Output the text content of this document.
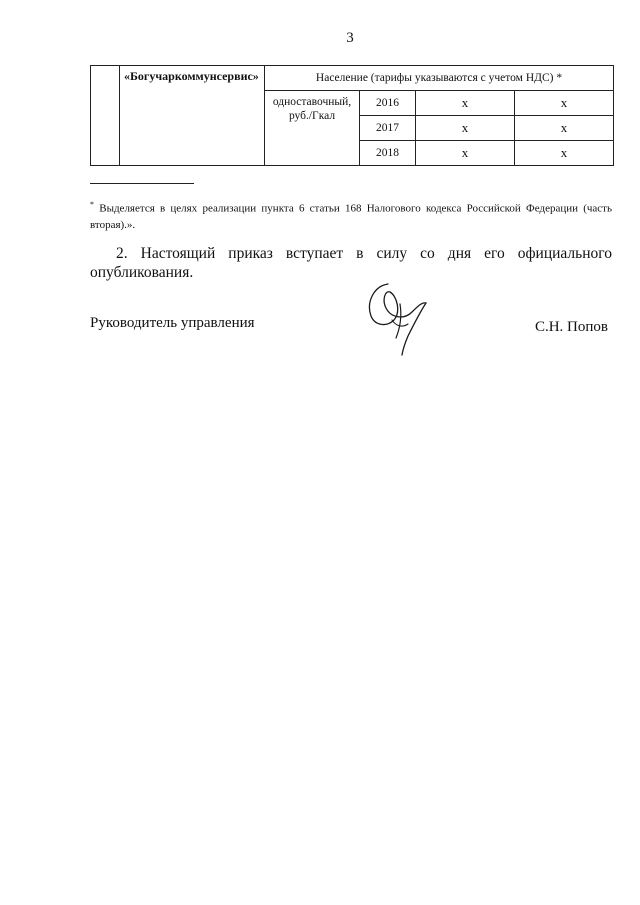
3
	«Богучаркоммунсервис»	Население (тарифы указываются с учетом НДС) *			
		одноставочный, руб./Гкал	2016	x	x
			2017	x	x
			2018	x	x
* Выделяется в целях реализации пункта 6 статьи 168 Налогового кодекса Российской Федерации (часть вторая).».
2. Настоящий приказ вступает в силу со дня его официального опубликования.
Руководитель управления	С.Н. Попов
